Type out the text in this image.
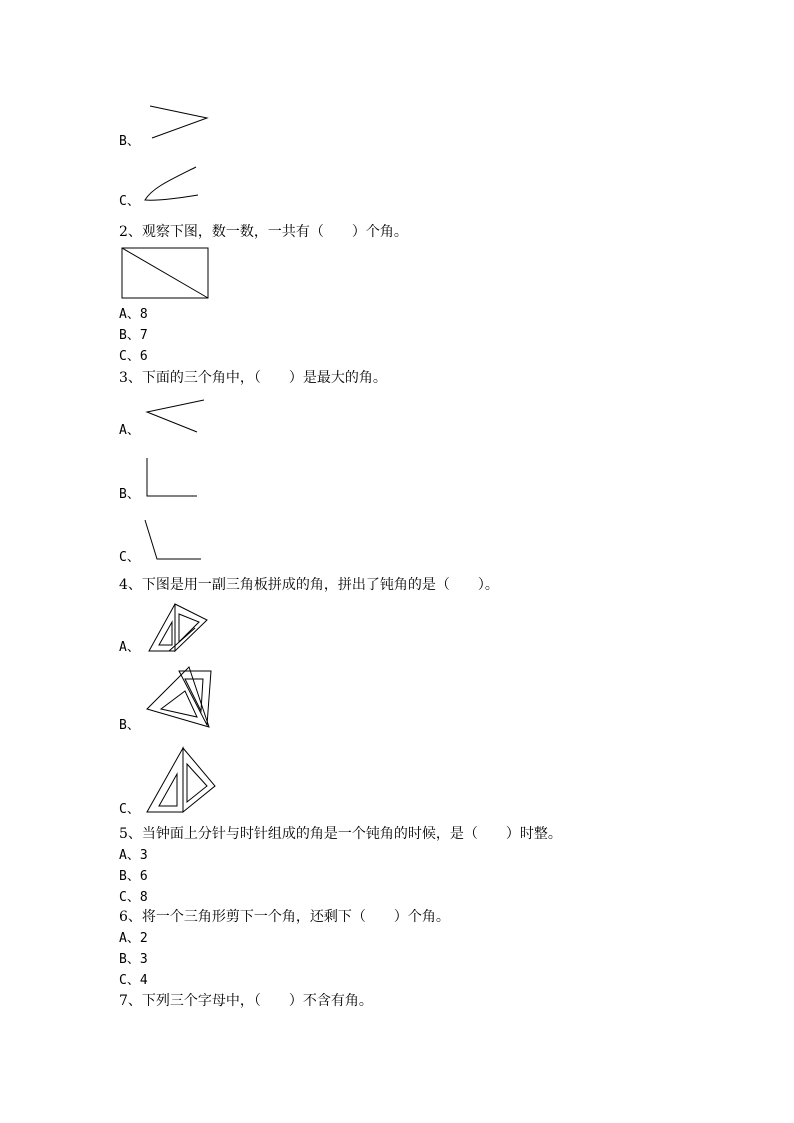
B、
C、
2、观察下图，数一数，一共有（　　）个角。
A、8
B、7
C、6
3、下面的三个角中，（　　）是最大的角。
A、
B、
C、
4、下图是用一副三角板拼成的角，拼出了钝角的是（　　）。
A、
B、
C、
5、当钟面上分针与时针组成的角是一个钝角的时候，是（　　）时整。
A、3
B、6
C、8
6、将一个三角形剪下一个角，还剩下（　　）个角。
A、2
B、3
C、4
7、下列三个字母中，（　　）不含有角。
